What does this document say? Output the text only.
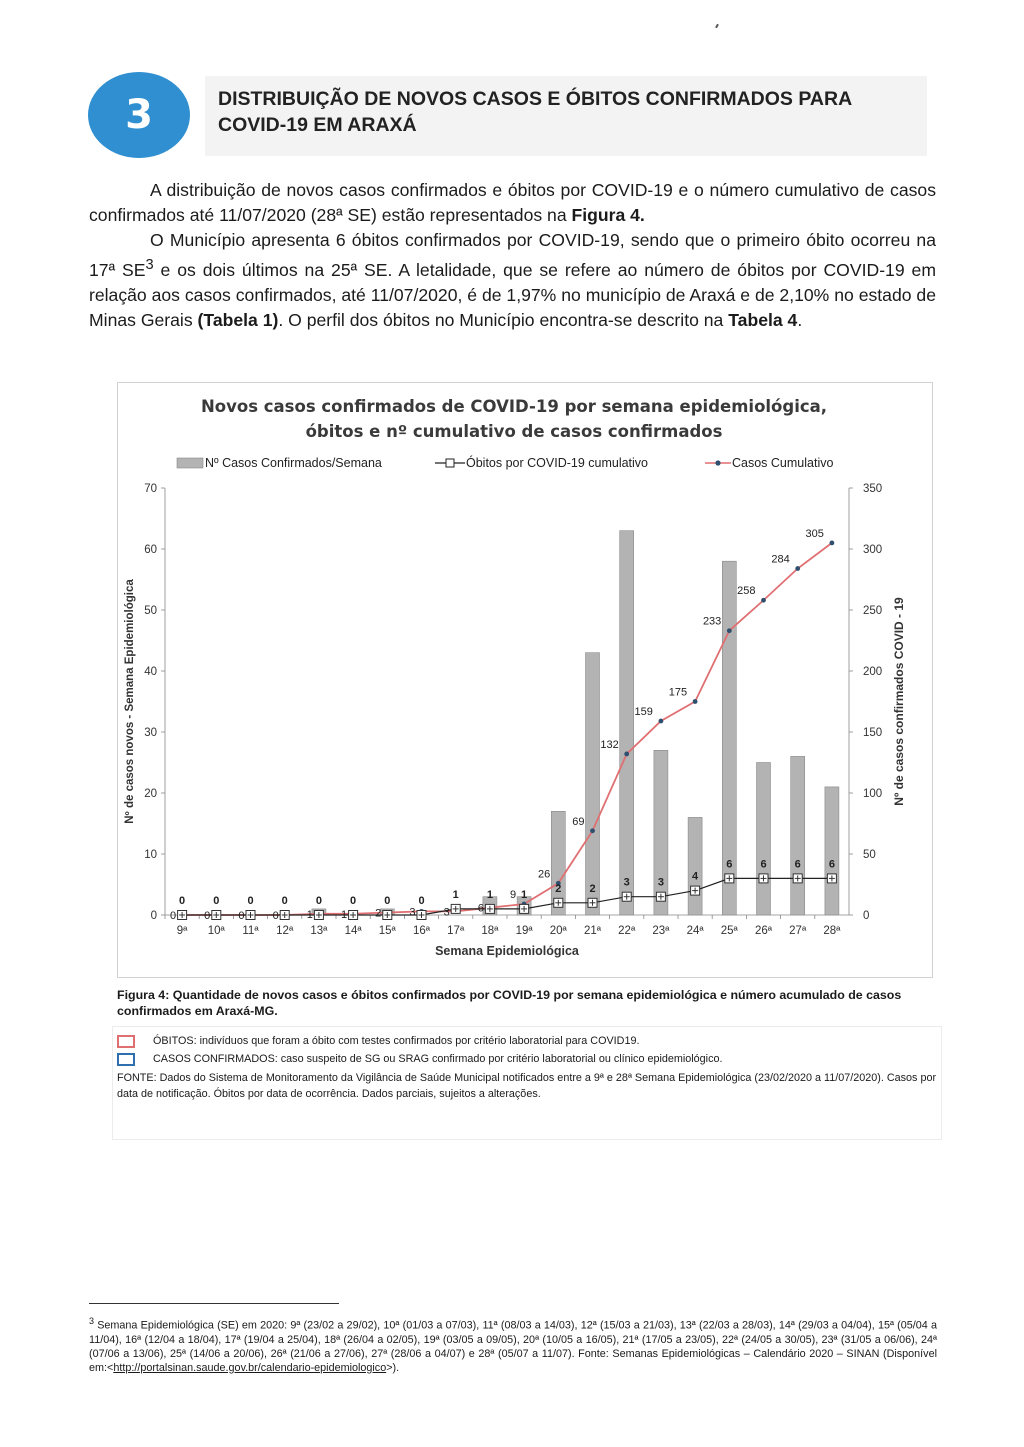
3	DISTRIBUIÇÃO DE NOVOS CASOS E ÓBITOS CONFIRMADOS PARA
COVID-19 EM ARAXÁ

A distribuição de novos casos confirmados e óbitos por COVID-19 e o número cumulativo de casos confirmados até 11/07/2020 (28ª SE) estão representados na Figura 4.

O Município apresenta 6 óbitos confirmados por COVID-19, sendo que o primeiro óbito ocorreu na 17ª $SE^3$ e os dois últimos na 25ª SE. A letalidade, que se refere ao número de óbitos por COVID-19 em relação aos casos confirmados, até 11/07/2020, é de 1,97% no município de Araxá e de 2,10% no estado de Minas Gerais (Tabela 1). O perfil dos óbitos no Município encontra-se descrito na Tabela 4.

Novos casos confirmados de COVID-19 por semana epidemiológica,
óbitos e nº cumulativo de casos confirmados
Nº Casos Confirmados/Semana	Óbitos por COVID-19 cumulativo	Casos Cumulativo
0
10
20
30
40
50
60
70
0
50
100
150
200
250
300
350
Nº de casos novos - Semana Epidemiológica	Nº de casos confirmados COVID - 19
Semana Epidemiológica
9ª 10ª 11ª 12ª 13ª 14ª 15ª 16ª 17ª 18ª 19ª 20ª 21ª 22ª 23ª 24ª 25ª 26ª 27ª 28ª
0	0	0	0	0	0	0	0
1	1	1
2	2
3	3
4
6	6	6	6
0	0	0	0	1	1	2	3	3	6
9
26
69
132
159
175
233
258
284
305
Figura 4: Quantidade de novos casos e óbitos confirmados por COVID-19 por semana epidemiológica e número acumulado de casos confirmados em Araxá-MG.
ÓBITOS: indivíduos que foram a óbito com testes confirmados por critério laboratorial para COVID19.
CASOS CONFIRMADOS: caso suspeito de SG ou SRAG confirmado por critério laboratorial ou clínico epidemiológico.
FONTE: Dados do Sistema de Monitoramento da Vigilância de Saúde Municipal notificados entre a 9ª e 28ª Semana Epidemiológica (23/02/2020 a 11/07/2020). Casos por data de notificação. Óbitos por data de ocorrência. Dados parciais, sujeitos a alterações.
$^3$ Semana Epidemiológica (SE) em 2020: 9ª (23/02 a 29/02), 10ª (01/03 a 07/03), 11ª (08/03 a 14/03), 12ª (15/03 a 21/03), 13ª (22/03 a 28/03), 14ª (29/03 a 04/04), 15ª (05/04 a 11/04), 16ª (12/04 a 18/04), 17ª (19/04 a 25/04), 18ª (26/04 a 02/05), 19ª (03/05 a 09/05), 20ª (10/05 a 16/05), 21ª (17/05 a 23/05), 22ª (24/05 a 30/05), 23ª (31/05 a 06/06), 24ª (07/06 a 13/06), 25ª (14/06 a 20/06), 26ª (21/06 a 27/06), 27ª (28/06 a 04/07) e 28ª (05/07 a 11/07). Fonte: Semanas Epidemiológicas – Calendário 2020 – SINAN (Disponível em:<http://portalsinan.saude.gov.br/calendario-epidemiologico>).
